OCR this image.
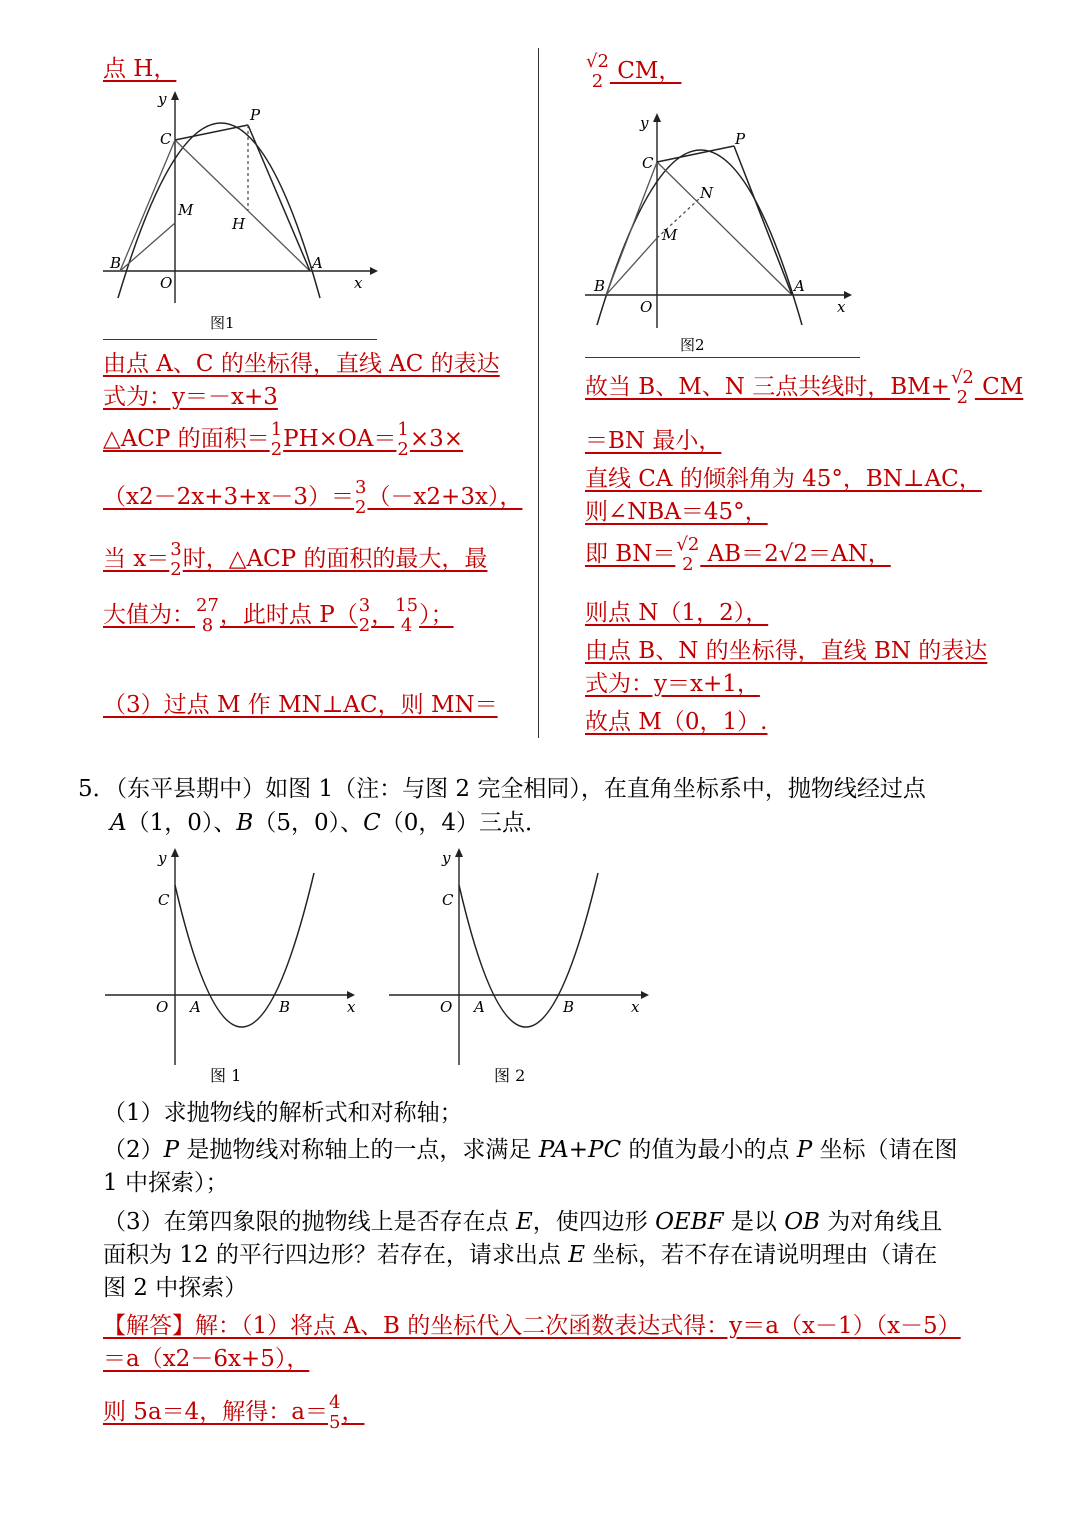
点 H，
y
C
P
M
H
B	A
O	x
图1
由点 A、C 的坐标得，直线 AC 的表达
式为：y＝－x+3
△ACP 的面积＝ 1
2 PH×OA＝ 1
2 ×3×
（x2－2x+3+x－3）＝ 3
2 （－x2+3x），
当 x＝ 3
2 时，△ACP 的面积的最大，最
大值为： 27
8 ，此时点 P（ 3
2 ， 15
4 ）；
（3）过点 M 作 MN⊥AC，则 MN＝
√2
2 CM，
y
C
P
N
M
B	A
O	x
图2
故当 B、M、N 三点共线时，BM+ √2
2 CM
＝BN 最小，
直线 CA 的倾斜角为 45°，BN⊥AC，
则∠NBA＝45°，
即 BN＝ √2
2 AB＝2√2＝AN，
则点 N（1，2），
由点 B、N 的坐标得，直线 BN 的表达
式为：y＝x+1，
故点 M（0，1）.
5．（东平县期中）如图 1（注：与图 2 完全相同），在直角坐标系中，抛物线经过点
A（1，0）、B（5，0）、C（0，4）三点．
y
C
O A	B	x
图 1
y
C
O A	B	x
图 2
（1）求抛物线的解析式和对称轴；
（2）P 是抛物线对称轴上的一点，求满足 PA+PC 的值为最小的点 P 坐标（请在图
1 中探索）；
（3）在第四象限的抛物线上是否存在点 E，使四边形 OEBF 是以 OB 为对角线且
面积为 12 的平行四边形？若存在，请求出点 E 坐标，若不存在请说明理由（请在
图 2 中探索）
【解答】解：（1）将点 A、B 的坐标代入二次函数表达式得：y＝a（x－1）（x－5）
＝a（x2－6x+5），
则 5a＝4，解得：a＝ 4
5 ，
